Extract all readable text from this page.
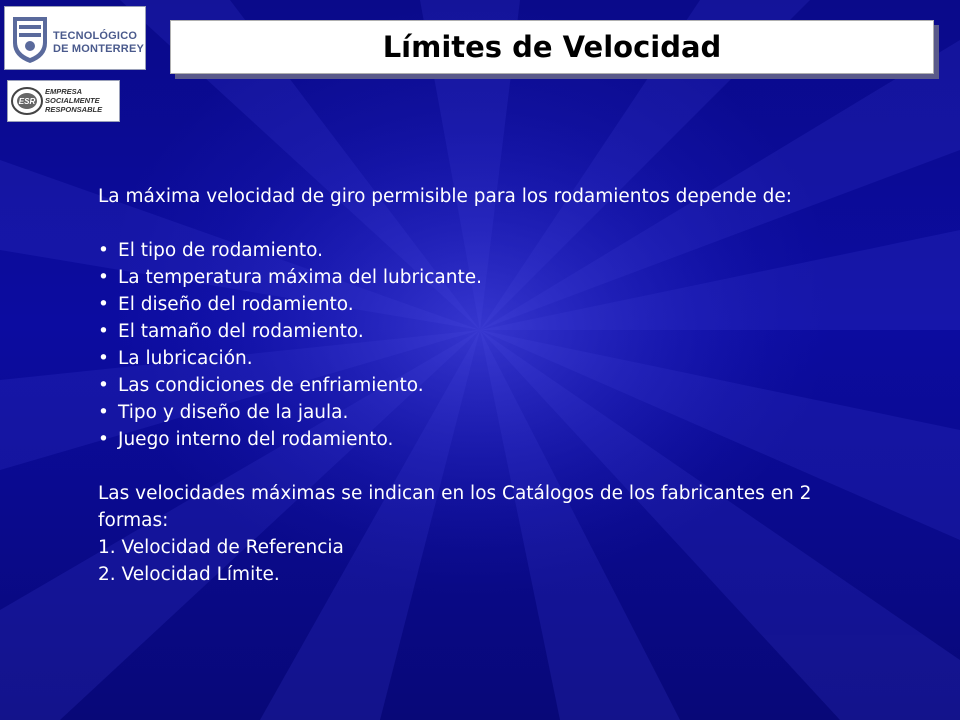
TECNOLÓGICO
DE MONTERREY
ESR
EMPRESA
SOCIALMENTE
RESPONSABLE
Límites de Velocidad

La máxima velocidad de giro permisible para los rodamientos depende de:

• El tipo de rodamiento.
• La temperatura máxima del lubricante.
• El diseño del rodamiento.
• El tamaño del rodamiento.
• La lubricación.
• Las condiciones de enfriamiento.
• Tipo y diseño de la jaula.
• Juego interno del rodamiento.

Las velocidades máximas se indican en los Catálogos de los fabricantes en 2 formas:

1. Velocidad de Referencia
2. Velocidad Límite.
